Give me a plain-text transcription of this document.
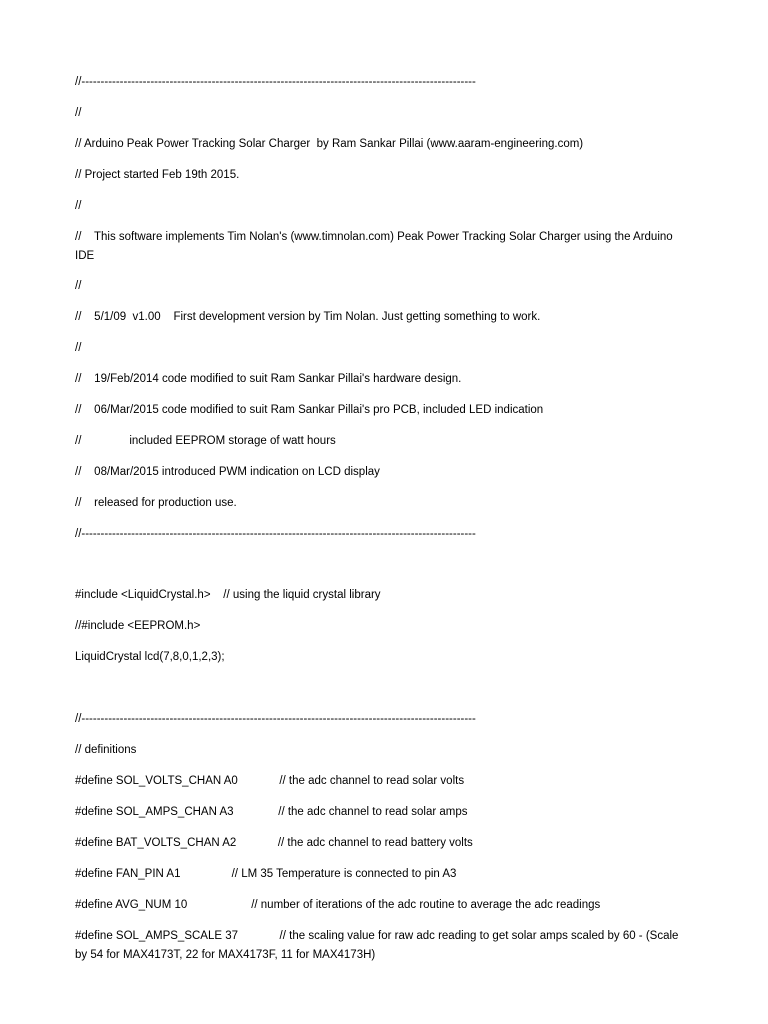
//-------------------------------------------------------------------------------------------------------
//
// Arduino Peak Power Tracking Solar Charger  by Ram Sankar Pillai (www.aaram-engineering.com)
// Project started Feb 19th 2015.
//
//    This software implements Tim Nolan's (www.timnolan.com) Peak Power Tracking Solar Charger using the Arduino IDE
//
//    5/1/09  v1.00    First development version by Tim Nolan. Just getting something to work.
//
//    19/Feb/2014 code modified to suit Ram Sankar Pillai's hardware design.
//    06/Mar/2015 code modified to suit Ram Sankar Pillai's pro PCB, included LED indication
//               included EEPROM storage of watt hours
//    08/Mar/2015 introduced PWM indication on LCD display
//    released for production use.
//-------------------------------------------------------------------------------------------------------
#include <LiquidCrystal.h>    // using the liquid crystal library
//#include <EEPROM.h>
LiquidCrystal lcd(7,8,0,1,2,3);
//-------------------------------------------------------------------------------------------------------
// definitions
#define SOL_VOLTS_CHAN A0             // the adc channel to read solar volts
#define SOL_AMPS_CHAN A3              // the adc channel to read solar amps
#define BAT_VOLTS_CHAN A2             // the adc channel to read battery volts
#define FAN_PIN A1                // LM 35 Temperature is connected to pin A3
#define AVG_NUM 10                    // number of iterations of the adc routine to average the adc readings
#define SOL_AMPS_SCALE 37             // the scaling value for raw adc reading to get solar amps scaled by 60 - (Scale by 54 for MAX4173T, 22 for MAX4173F, 11 for MAX4173H)
